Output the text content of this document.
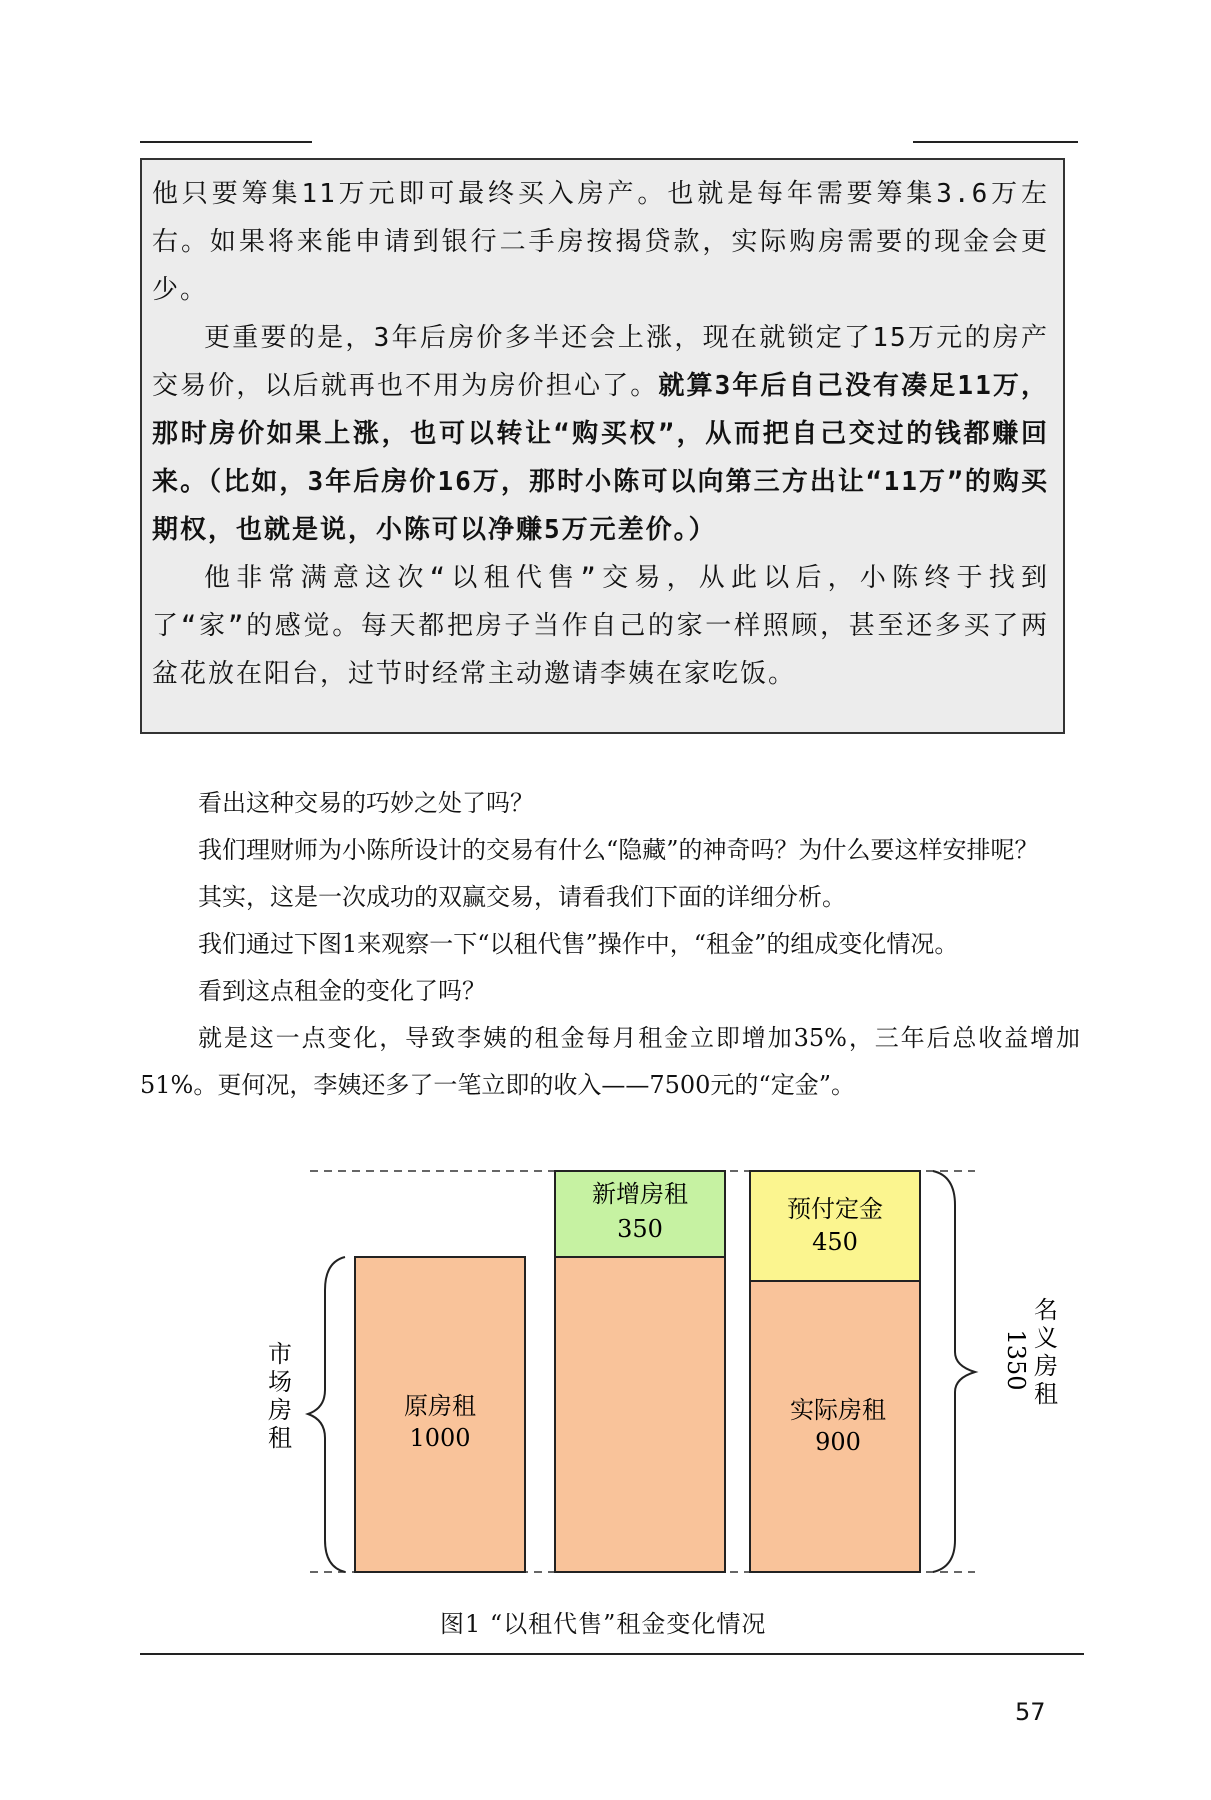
他只要筹集11万元即可最终买入房产。也就是每年需要筹集3.6万左右。如果将来能申请到银行二手房按揭贷款，实际购房需要的现金会更少。

更重要的是，3年后房价多半还会上涨，现在就锁定了15万元的房产交易价，以后就再也不用为房价担心了。就算3年后自己没有凑足11万，那时房价如果上涨，也可以转让“购买权”，从而把自己交过的钱都赚回来。（比如，3年后房价16万，那时小陈可以向第三方出让“11万”的购买期权，也就是说，小陈可以净赚5万元差价。）

他非常满意这次“以租代售”交易，从此以后，小陈终于找到了“家”的感觉。每天都把房子当作自己的家一样照顾，甚至还多买了两盆花放在阳台，过节时经常主动邀请李姨在家吃饭。

看出这种交易的巧妙之处了吗？

我们理财师为小陈所设计的交易有什么“隐藏”的神奇吗？为什么要这样安排呢？

其实，这是一次成功的双赢交易，请看我们下面的详细分析。

我们通过下图1来观察一下“以租代售”操作中，“租金”的组成变化情况。

看到这点租金的变化了吗？

就是这一点变化，导致李姨的租金每月租金立即增加35%，三年后总收益增加51%。更何况，李姨还多了一笔立即的收入——7500元的“定金”。

原房租
1000
新增房租
350
预付定金
450
实际房租
900
市
场
房
租
名
义
房
租
1350
图1 “以租代售”租金变化情况
57
